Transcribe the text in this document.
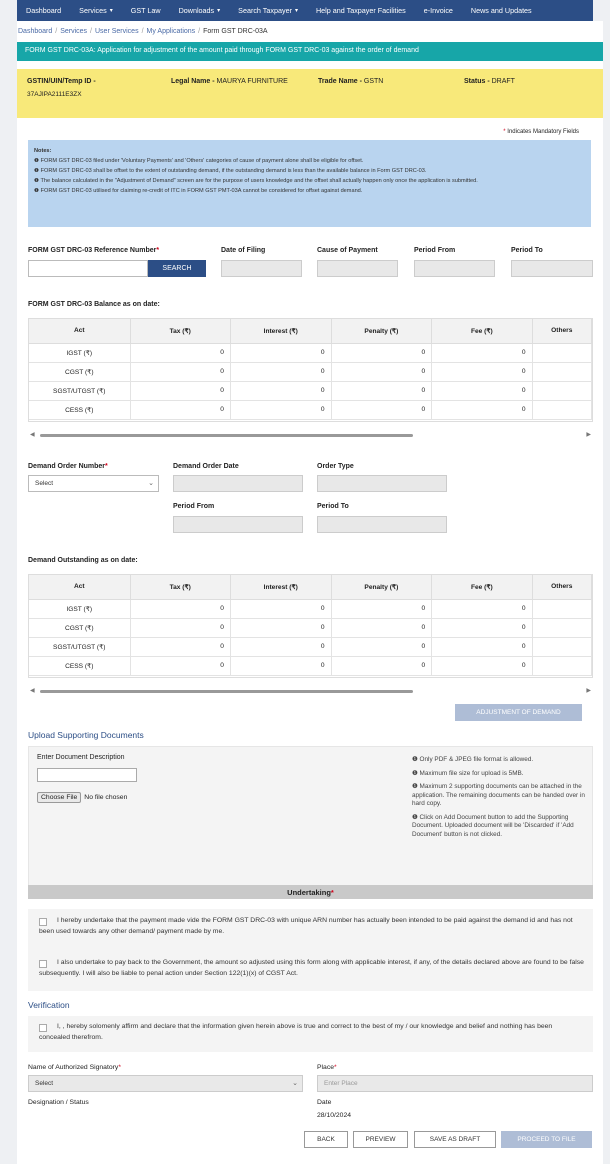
Dashboard	Services ▾	GST Law	Downloads ▾	Search Taxpayer ▾	Help and Taxpayer Facilities	e-Invoice	News and Updates
Dashboard / Services / User Services / My Applications / Form GST DRC-03A
FORM GST DRC-03A: Application for adjustment of the amount paid through FORM GST DRC-03 against the order of demand
GSTIN/UIN/Temp ID -
37AJIPA2111E3ZX
Legal Name - MAURYA FURNITURE	Trade Name - GSTN	Status - DRAFT
* Indicates Mandatory Fields
Notes:
❶ FORM GST DRC-03 filed under 'Voluntary Payments' and 'Others' categories of cause of payment alone shall be eligible for offset.
❶ FORM GST DRC-03 shall be offset to the extent of outstanding demand, if the outstanding demand is less than the available balance in Form GST DRC-03.
❶ The balance calculated in the "Adjustment of Demand" screen are for the purpose of users knowledge and the offset shall actually happen only once the application is submitted.
❶ FORM GST DRC-03 utilised for claiming re-credit of ITC in FORM GST PMT-03A cannot be considered for offset against demand.
FORM GST DRC-03 Reference Number*
SEARCH
Date of Filing	Cause of Payment	Period From	Period To
FORM GST DRC-03 Balance as on date:
Act	Tax (₹)	Interest (₹)	Penalty (₹)	Fee (₹)	Others
IGST (₹)	0	0	0	0	
CGST (₹)	0	0	0	0	
SGST/UTGST (₹)	0	0	0	0	
CESS (₹)	0	0	0	0	
◀	▶
Demand Order Number*
Select	⌄
Demand Order Date	Order Type
Period From	Period To
Demand Outstanding as on date:
Act	Tax (₹)	Interest (₹)	Penalty (₹)	Fee (₹)	Others
IGST (₹)	0	0	0	0	
CGST (₹)	0	0	0	0	
SGST/UTGST (₹)	0	0	0	0	
CESS (₹)	0	0	0	0	
◀	▶
ADJUSTMENT OF DEMAND
Upload Supporting Documents
Enter Document Description
Choose File No file chosen
❶ Only PDF & JPEG file format is allowed.
❶ Maximum file size for upload is 5MB.
❶ Maximum 2 supporting documents can be attached in the application. The remaining documents can be handed over in hard copy.
❶ Click on Add Document button to add the Supporting Document. Uploaded document will be 'Discarded' if 'Add Document' button is not clicked.
Undertaking*
I hereby undertake that the payment made vide the FORM GST DRC-03 with unique ARN number has actually been intended to be paid against the demand id and has not been used towards any other demand/ payment made by me.
I also undertake to pay back to the Government, the amount so adjusted using this form along with applicable interest, if any, of the details declared above are found to be false subsequently. I will also be liable to penal action under Section 122(1)(x) of CGST Act.
Verification
I, , hereby solomenly affirm and declare that the information given herein above is true and correct to the best of my / our knowledge and belief and nothing has been concealed therefrom.
Name of Authorized Signatory*
Select	⌄
Place*
Enter Place
Designation / Status	Date
28/10/2024
BACK	PREVIEW	SAVE AS DRAFT	PROCEED TO FILE
